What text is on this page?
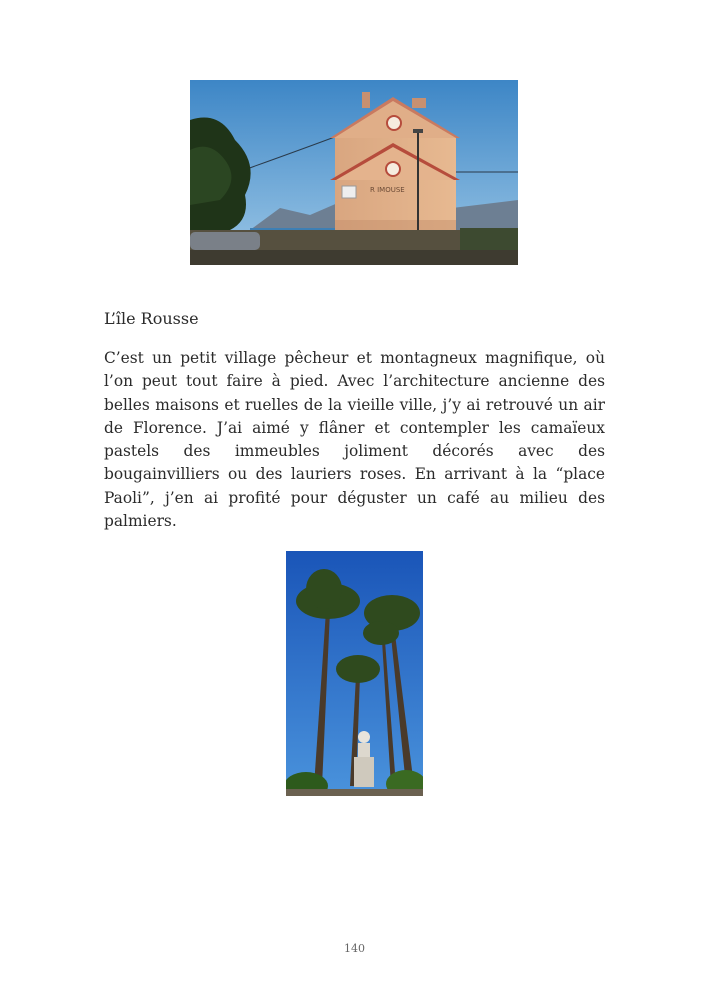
R IMOUSE
L’île Rousse

C’est un petit village pêcheur et montagneux magnifique, où l’on peut tout faire à pied. Avec l’architecture ancienne des belles maisons et ruelles de la vieille ville, j’y ai retrouvé un air de Florence. J’ai aimé y flâner et contempler les camaïeux pastels des immeubles joliment décorés avec des bougainvilliers ou des lauriers roses. En arrivant à la “place Paoli”, j’en ai profité pour déguster un café au milieu des palmiers.

140
